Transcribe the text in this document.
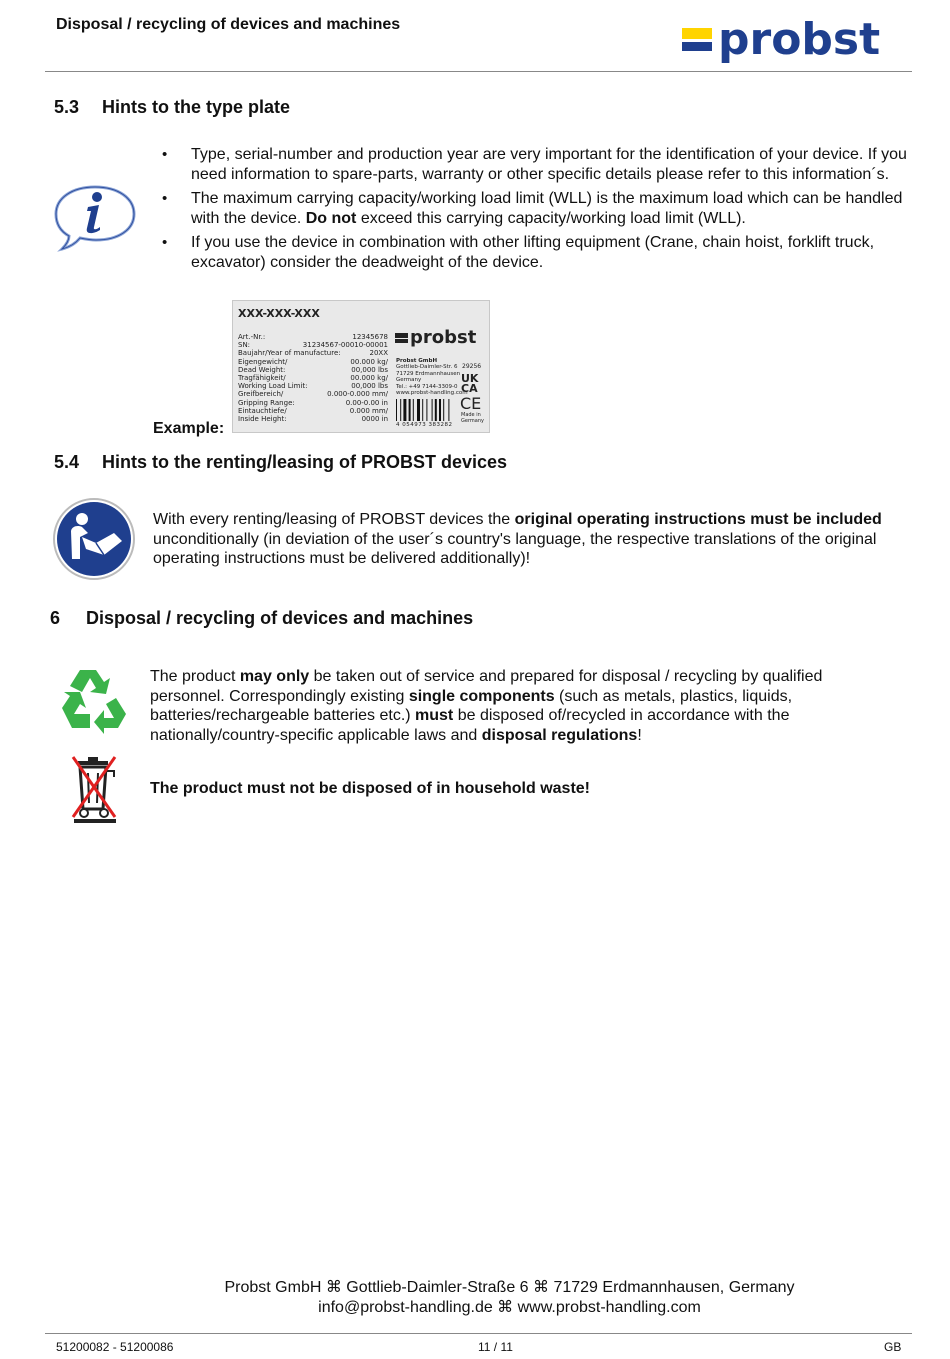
Disposal / recycling of devices and machines	probst
5.3 Hints to the type plate
• Type, serial-number and production year are very important for the identification of your device. If you need information to spare-parts, warranty or other specific details please refer to this information´s.
• The maximum carrying capacity/working load limit (WLL) is the maximum load which can be handled with the device. Do not exceed this carrying capacity/working load limit (WLL).
• If you use the device in combination with other lifting equipment (Crane, chain hoist, forklift truck, excavator) consider the deadweight of the device.
Example:
XXX-XXX-XXX
Art.-Nr.:	12345678
SN:	31234567-00010-00001
Baujahr/Year of manufacture:	20XX
Eigengewicht/	00.000 kg/
Dead Weight:	00,000 lbs
Tragfähigkeit/	00.000 kg/
Working Load Limit:	00,000 lbs
Greifbereich/	0.000-0.000 mm/
Gripping Range:	0.00-0.00 in
Eintauchtiefe/	0.000 mm/
Inside Height:	0000 in
probst
Probst GmbH
Gottlieb-Daimler-Str. 6
71729 Erdmannhausen
Germany
Tel.: +49 7144-3309-0
www.probst-handling.com
29256
UK
CA
CE
Made in
Germany
4 054973 383282
5.4 Hints to the renting/leasing of PROBST devices
With every renting/leasing of PROBST devices the original operating instructions must be included unconditionally (in deviation of the user´s country's language, the respective translations of the original operating instructions must be delivered additionally)!
6 Disposal / recycling of devices and machines
The product may only be taken out of service and prepared for disposal / recycling by qualified personnel. Correspondingly existing single components (such as metals, plastics, liquids, batteries/rechargeable batteries etc.) must be disposed of/recycled in accordance with the nationally/country-specific applicable laws and disposal regulations!
The product must not be disposed of in household waste!
Probst GmbH ⌘ Gottlieb-Daimler-Straße 6 ⌘ 71729 Erdmannhausen, Germany
info@probst-handling.de ⌘ www.probst-handling.com
51200082 - 51200086	11 / 11	GB
